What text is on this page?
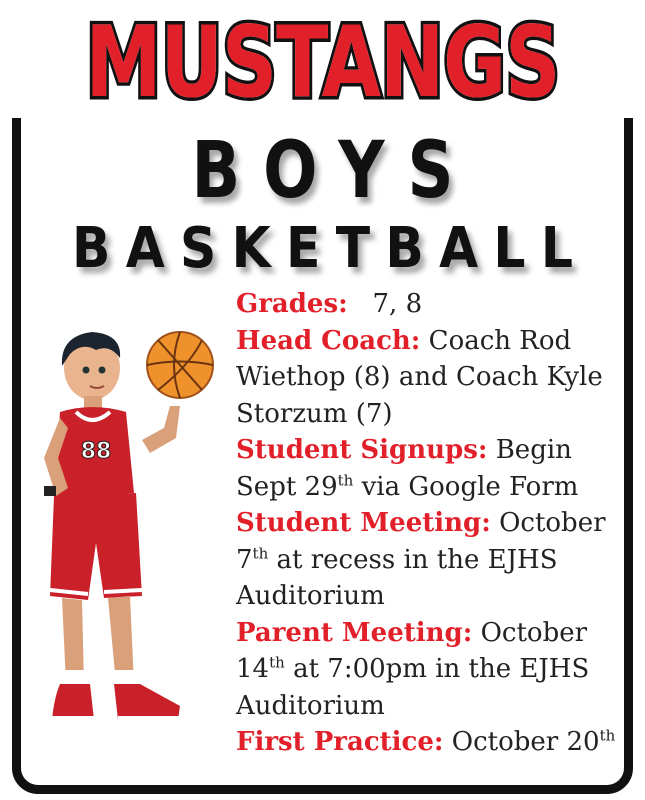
MUSTANGS
BOYS
BASKETBALL

Grades: 7, 8

Head Coach: Coach Rod Wiethop (8) and Coach Kyle Storzum (7)

Student Signups: Begin Sept 29th via Google Form

Student Meeting: October 7th at recess in the EJHS Auditorium

Parent Meeting: October 14th at 7:00pm in the EJHS Auditorium

First Practice: October 20th

88
